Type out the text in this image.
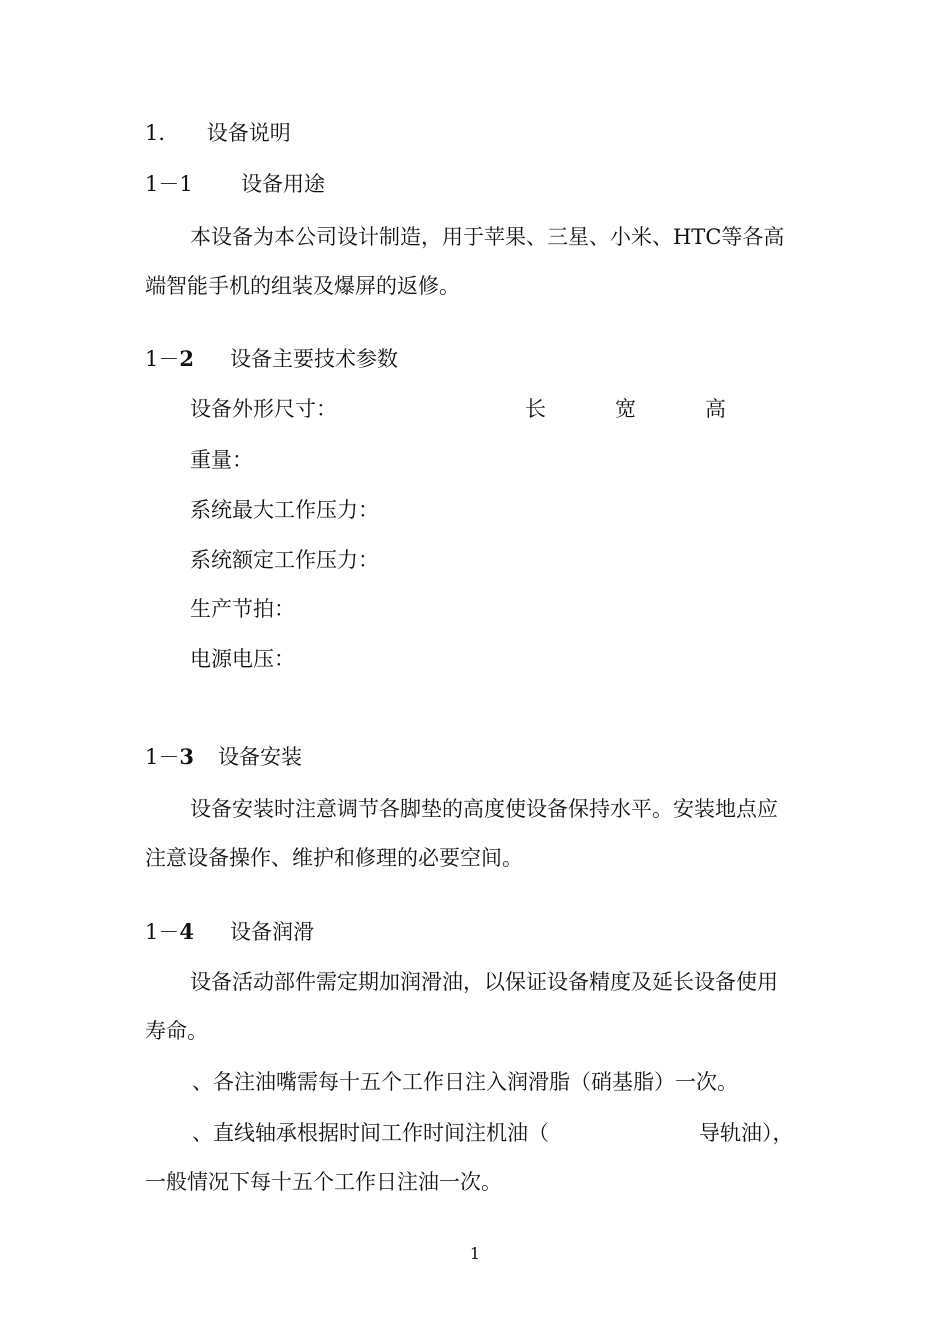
1． 设备说明
1－1 设备用途
本设备为本公司设计制造，用于苹果、三星、小米、HTC等各高
端智能手机的组装及爆屏的返修。
1－2 设备主要技术参数
设备外形尺寸：	长	宽	高
重量：
系统最大工作压力：
系统额定工作压力：
生产节拍：
电源电压：
1－3 设备安装
设备安装时注意调节各脚垫的高度使设备保持水平。安装地点应
注意设备操作、维护和修理的必要空间。
1－4 设备润滑
设备活动部件需定期加润滑油，以保证设备精度及延长设备使用
寿命。
、各注油嘴需每十五个工作日注入润滑脂（硝基脂）一次。
、直线轴承根据时间工作时间注机油（	导轨油），
一般情况下每十五个工作日注油一次。
1
